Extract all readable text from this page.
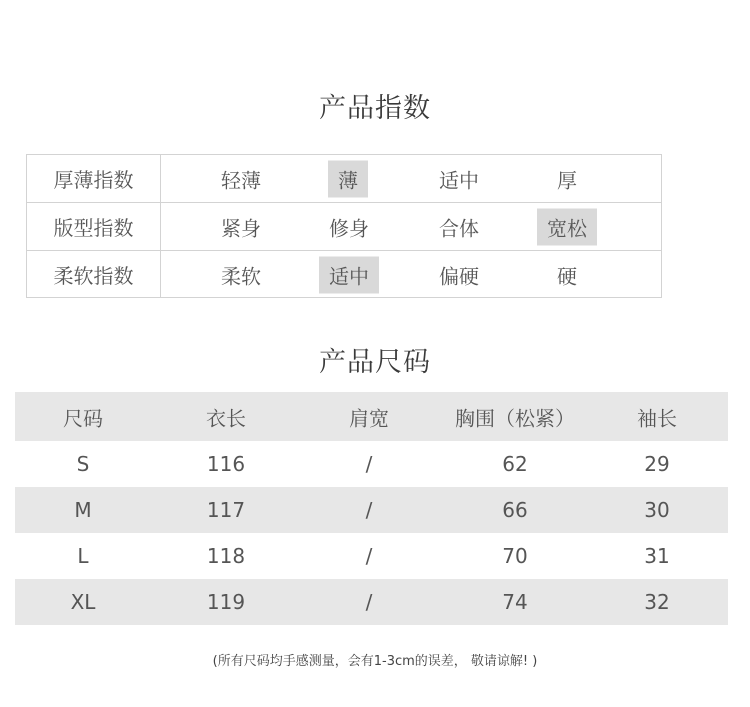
产品指数
厚薄指数	轻薄	薄	适中	厚
版型指数	紧身	修身	合体	宽松
柔软指数	柔软	适中	偏硬	硬
产品尺码
尺码	衣长	肩宽	胸围（松紧）	袖长
S	116	/	62	29
M	117	/	66	30
L	118	/	70	31
XL	119	/	74	32
(所有尺码均手感测量，会有1-3cm的误差， 敬请谅解! )
